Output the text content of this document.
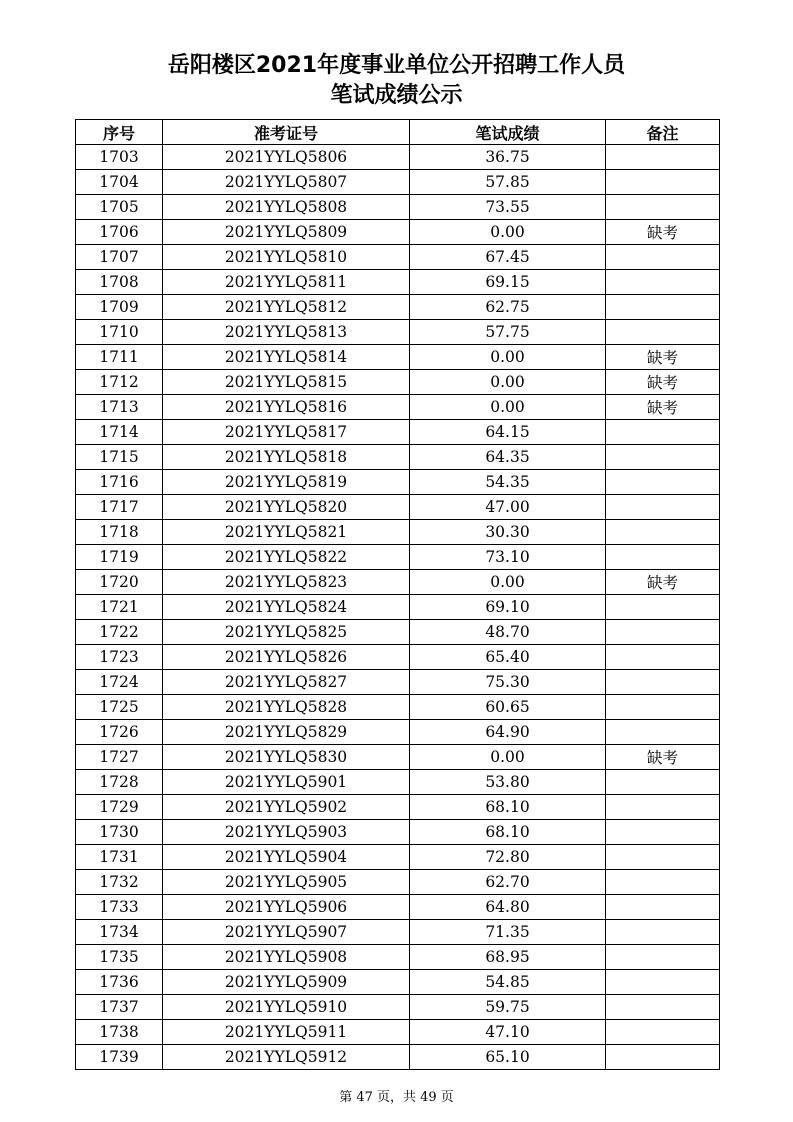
岳阳楼区2021年度事业单位公开招聘工作人员
笔试成绩公示
序号	准考证号	笔试成绩	备注
1703	2021YYLQ5806	36.75	
1704	2021YYLQ5807	57.85	
1705	2021YYLQ5808	73.55	
1706	2021YYLQ5809	0.00	缺考
1707	2021YYLQ5810	67.45	
1708	2021YYLQ5811	69.15	
1709	2021YYLQ5812	62.75	
1710	2021YYLQ5813	57.75	
1711	2021YYLQ5814	0.00	缺考
1712	2021YYLQ5815	0.00	缺考
1713	2021YYLQ5816	0.00	缺考
1714	2021YYLQ5817	64.15	
1715	2021YYLQ5818	64.35	
1716	2021YYLQ5819	54.35	
1717	2021YYLQ5820	47.00	
1718	2021YYLQ5821	30.30	
1719	2021YYLQ5822	73.10	
1720	2021YYLQ5823	0.00	缺考
1721	2021YYLQ5824	69.10	
1722	2021YYLQ5825	48.70	
1723	2021YYLQ5826	65.40	
1724	2021YYLQ5827	75.30	
1725	2021YYLQ5828	60.65	
1726	2021YYLQ5829	64.90	
1727	2021YYLQ5830	0.00	缺考
1728	2021YYLQ5901	53.80	
1729	2021YYLQ5902	68.10	
1730	2021YYLQ5903	68.10	
1731	2021YYLQ5904	72.80	
1732	2021YYLQ5905	62.70	
1733	2021YYLQ5906	64.80	
1734	2021YYLQ5907	71.35	
1735	2021YYLQ5908	68.95	
1736	2021YYLQ5909	54.85	
1737	2021YYLQ5910	59.75	
1738	2021YYLQ5911	47.10	
1739	2021YYLQ5912	65.10	
第 47 页，共 49 页
